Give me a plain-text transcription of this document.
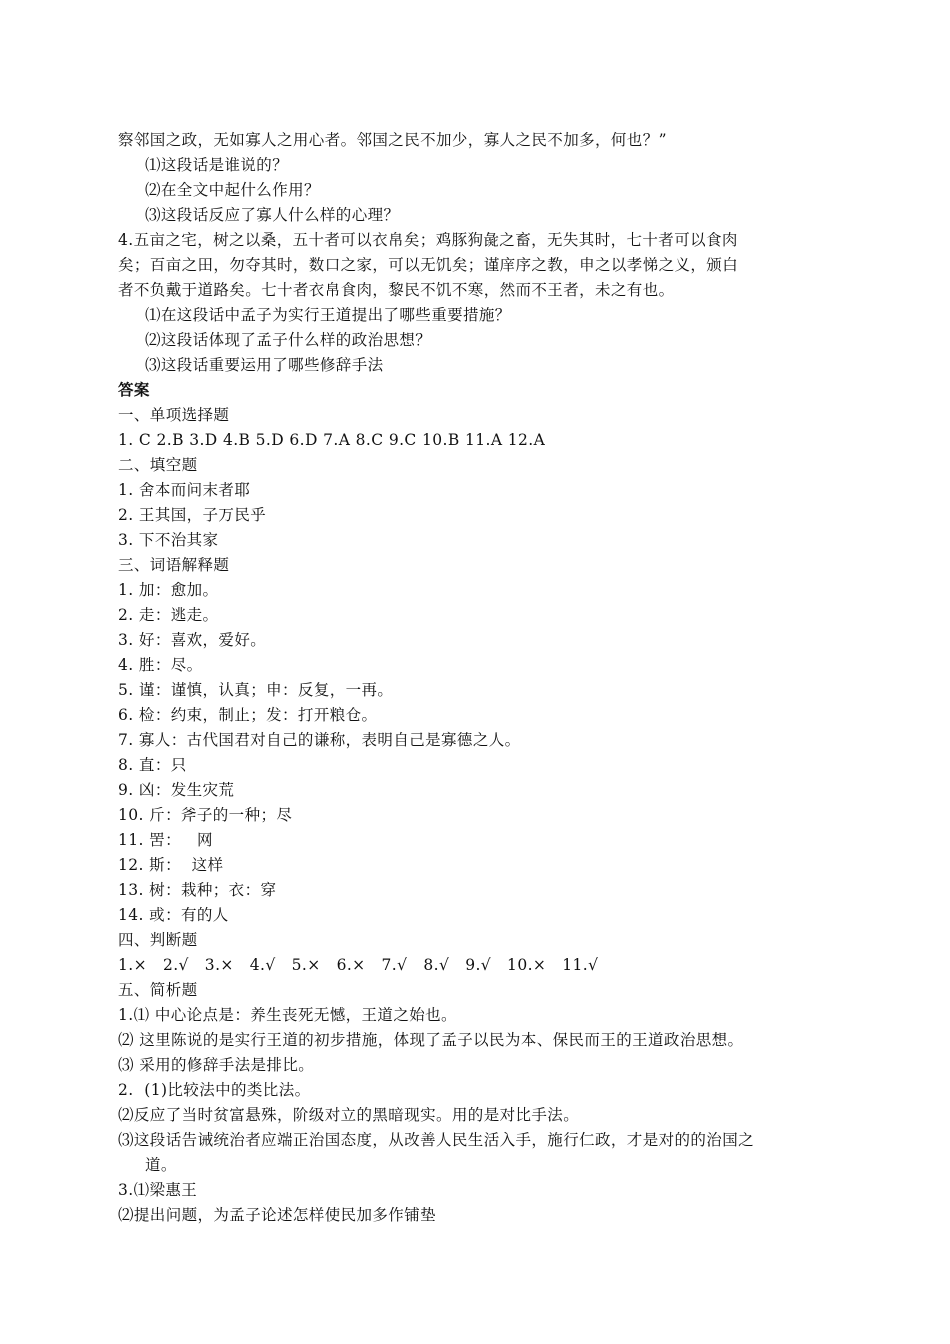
察邻国之政，无如寡人之用心者。邻国之民不加少，寡人之民不加多，何也？”
⑴这段话是谁说的？
⑵在全文中起什么作用？
⑶这段话反应了寡人什么样的心理？
4.五亩之宅，树之以桑，五十者可以衣帛矣；鸡豚狗彘之畜，无失其时，七十者可以食肉
矣；百亩之田，勿夺其时，数口之家，可以无饥矣；谨庠序之教，申之以孝悌之义，颁白
者不负戴于道路矣。七十者衣帛食肉，黎民不饥不寒，然而不王者，未之有也。
⑴在这段话中孟子为实行王道提出了哪些重要措施？
⑵这段话体现了孟子什么样的政治思想？
⑶这段话重要运用了哪些修辞手法
答案
一、单项选择题
1. C 2.B 3.D 4.B 5.D 6.D 7.A 8.C 9.C 10.B 11.A 12.A
二、填空题
1. 舍本而问末者耶
2. 王其国，子万民乎
3. 下不治其家
三、词语解释题
1. 加：愈加。
2. 走：逃走。
3. 好：喜欢，爱好。
4. 胜：尽。
5. 谨：谨慎，认真；申：反复，一再。
6. 检：约束，制止；发：打开粮仓。
7. 寡人：古代国君对自己的谦称，表明自己是寡德之人。
8. 直：只
9. 凶：发生灾荒
10. 斤：斧子的一种；尽
11. 罟：   网
12. 斯：  这样
13. 树：栽种；衣：穿
14. 或：有的人
四、判断题
1.×   2.√   3.×   4.√   5.×   6.×   7.√   8.√   9.√   10.×   11.√
五、简析题
1.⑴ 中心论点是：养生丧死无憾，王道之始也。
⑵ 这里陈说的是实行王道的初步措施，体现了孟子以民为本、保民而王的王道政治思想。
⑶ 采用的修辞手法是排比。
2.  (1)比较法中的类比法。
⑵反应了当时贫富悬殊，阶级对立的黑暗现实。用的是对比手法。
⑶这段话告诫统治者应端正治国态度，从改善人民生活入手，施行仁政，才是对的的治国之
道。
3.⑴梁惠王
⑵提出问题，为孟子论述怎样使民加多作铺垫
